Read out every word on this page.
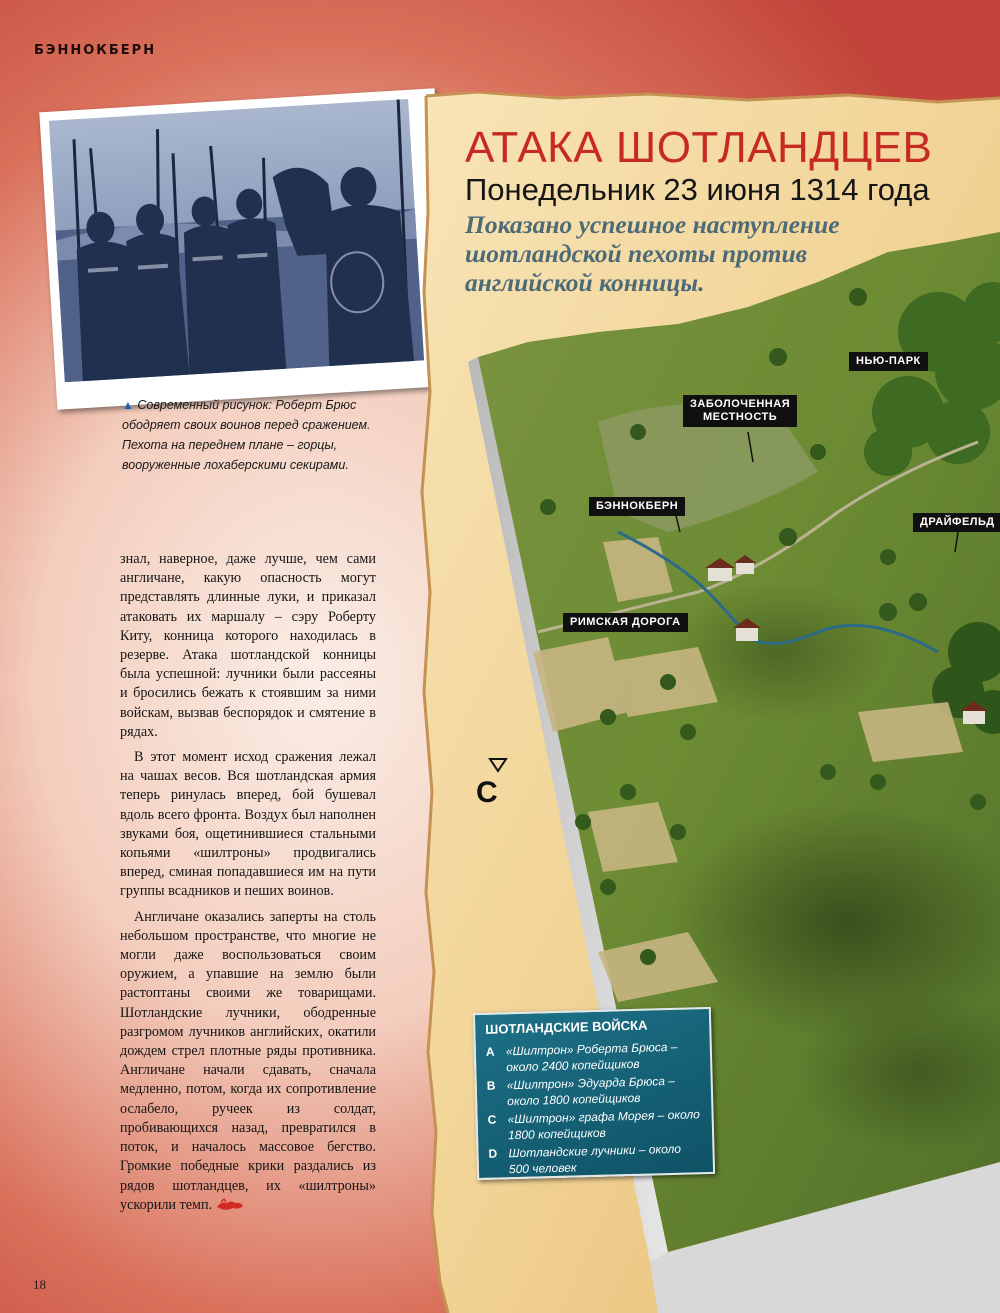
БЭННОКБЕРН
▲ Современный рисунок: Роберт Брюс ободряет своих воинов перед сражением. Пехота на переднем плане – горцы, вооруженные лохаберскими секирами.

знал, наверное, даже лучше, чем сами англичане, какую опасность могут представлять длинные луки, и приказал атаковать их маршалу – сэру Роберту Киту, конница которого находилась в резерве. Атака шотландской конницы была успешной: лучники были рассеяны и бросились бежать к стоявшим за ними войскам, вызвав беспорядок и смятение в рядах.

В этот момент исход сражения лежал на чашах весов. Вся шотландская армия теперь ринулась вперед, бой бушевал вдоль всего фронта. Воздух был наполнен звуками боя, ощетинившиеся стальными копьями «шилтроны» продвигались вперед, сминая попадавшиеся им на пути группы всадников и пеших воинов.

Англичане оказались заперты на столь небольшом пространстве, что многие не могли даже воспользоваться своим оружием, а упавшие на землю были растоптаны своими же товарищами. Шотландские лучники, ободренные разгромом лучников английских, окатили дождем стрел плотные ряды противника. Англичане начали сдавать, сначала медленно, потом, когда их сопротивление ослабело, ручеек из солдат, пробивающихся назад, превратился в поток, и началось массовое бегство. Громкие победные крики раздались из рядов шотландцев, их «шилтроны» ускорили темп.

18
АТАКА ШОТЛАНДЦЕВ
Понедельник 23 июня 1314 года
Показано успешное наступление шотландской пехоты против английской конницы.
НЬЮ-ПАРК
ЗАБОЛОЧЕННАЯ
МЕСТНОСТЬ
БЭННОКБЕРН
ДРАЙФЕЛЬД
РИМСКАЯ ДОРОГА
C
ШОТЛАНДСКИЕ ВОЙСКА
A «Шилтрон» Роберта Брюса – около 2400 копейщиков
B «Шилтрон» Эдуарда Брюса – около 1800 копейщиков
C «Шилтрон» графа Морея – около 1800 копейщиков
D Шотландские лучники – около 500 человек
